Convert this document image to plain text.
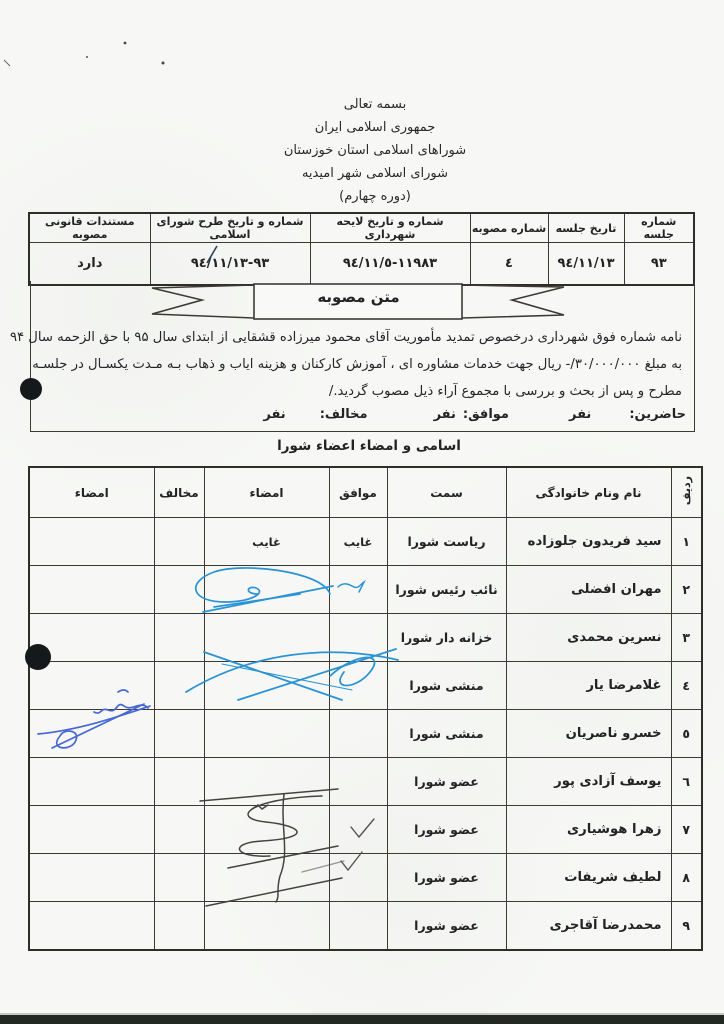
بسمه تعالی
جمهوری اسلامی ایران
شوراهای اسلامی استان خوزستان
شورای اسلامی شهر امیدیه
(دوره چهارم)
شماره جلسه	تاریخ جلسه	شماره مصوبه	شماره و تاریخ لایحه شهرداری	شماره و تاریخ طرح شورای اسلامی	مستندات قانونی مصوبه
۹۳	۹٤/۱۱/۱۳	٤	۹٤/۱۱/٥-۱۱۹۸۳	۹٤/۱۱/۱۳-۹۳	دارد
متن مصوبه
نامه شماره فوق شهرداری درخصوص تمدید مأموریت آقای محمود میرزاده قشقایی از ابتدای سال ۹۵ با حق الزحمه سال ۹۴
به مبلغ -/۳۰/۰۰۰/۰۰۰ ریال جهت خدمات مشاوره ای ، آموزش کارکنان و هزینه ایاب و ذهاب بـه مـدت یکسـال در جلسـه
مطرح و پس از بحث و بررسی با مجموع آراء ذیل مصوب گردید./
حاضرین:
نفر
موافق:
نفر
مخالف:
نفر
اسامی و امضاء اعضاء شورا
ردیف	نام ونام خانوادگی	سمت	موافق	امضاء	مخالف	امضاء
۱	سید فریدون جلوزاده	ریاست شورا	غایب	غایب		
۲	مهران افضلی	نائب رئیس شورا				
۳	نسرین محمدی	خزانه دار شورا				
٤	غلامرضا یار	منشی شورا				
٥	خسرو ناصریان	منشی شورا				
٦	یوسف آزادی پور	عضو شورا				
۷	زهرا هوشیاری	عضو شورا				
۸	لطیف شریفات	عضو شورا				
۹	محمدرضا آقاجری	عضو شورا				
